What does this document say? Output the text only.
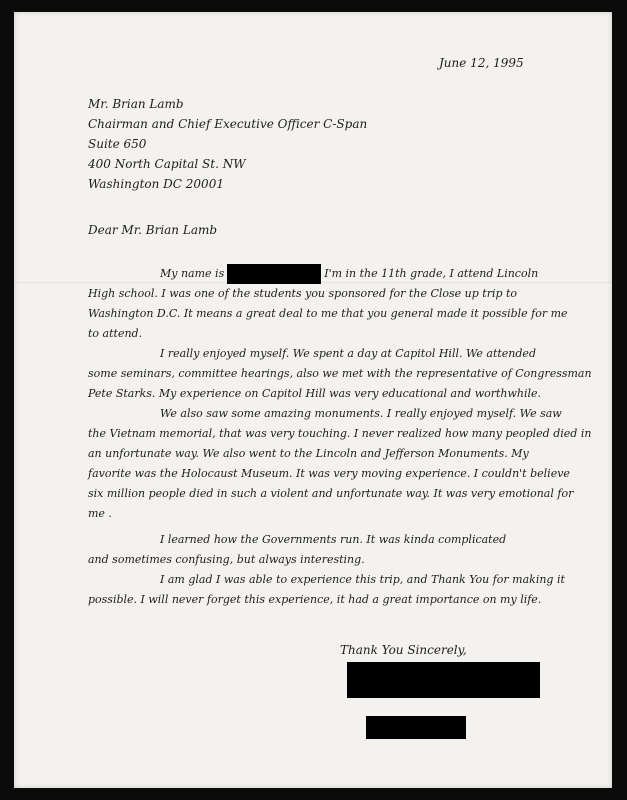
June 12, 1995
Mr. Brian Lamb
Chairman and Chief Executive Officer C-Span
Suite 650
400 North Capital St. NW
Washington DC 20001
Dear Mr. Brian Lamb
My name is	I'm in the 11th grade, I attend Lincoln
High school. I was one of the students you sponsored for the Close up trip to
Washington D.C. It means a great deal to me that you general made it possible for me
to attend.
I really enjoyed myself. We spent a day at Capitol Hill. We attended
some seminars, committee hearings, also we met with the representative of Congressman
Pete Starks. My experience on Capitol Hill was very educational and worthwhile.
We also saw some amazing monuments. I really enjoyed myself. We saw
the Vietnam memorial, that was very touching. I never realized how many peopled died in
an unfortunate way. We also went to the Lincoln and Jefferson Monuments. My
favorite was the Holocaust Museum. It was very moving experience. I couldn't believe
six million people died in such a violent and unfortunate way. It was very emotional for
me .
I learned how the Governments run. It was kinda complicated
and sometimes confusing, but always interesting.
I am glad I was able to experience this trip, and Thank You for making it
possible. I will never forget this experience, it had a great importance on my life.
Thank You Sincerely,
